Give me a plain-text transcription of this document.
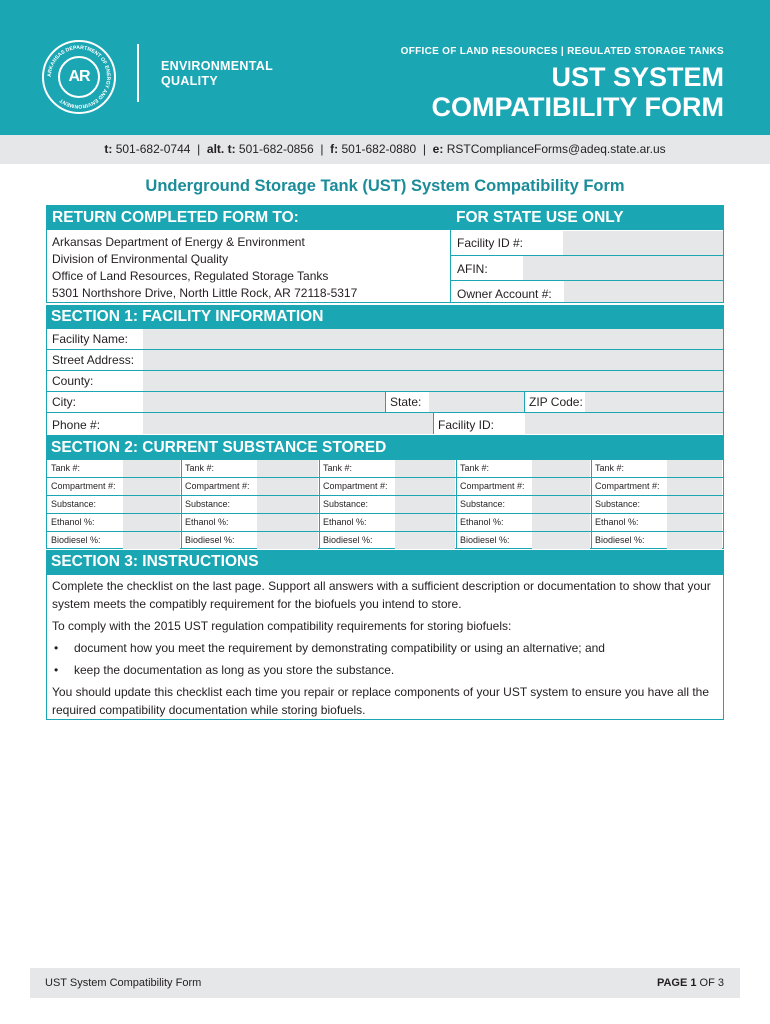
ARKANSAS DEPARTMENT OF ENERGY AND ENVIRONMENT
AR
ENVIRONMENTAL
QUALITY
OFFICE OF LAND RESOURCES | REGULATED STORAGE TANKS
UST SYSTEM
COMPATIBILITY FORM
t: 501-682-0744 | alt. t: 501-682-0856 | f: 501-682-0880 | e: RSTComplianceForms@adeq.state.ar.us
Underground Storage Tank (UST) System Compatibility Form
RETURN COMPLETED FORM TO:	FOR STATE USE ONLY
Arkansas Department of Energy & Environment
Division of Environmental Quality
Office of Land Resources, Regulated Storage Tanks
5301 Northshore Drive, North Little Rock, AR 72118-5317
Facility ID #:
AFIN:
Owner Account #:
SECTION 1: FACILITY INFORMATION
Facility Name:
Street Address:
County:
City:	State:	ZIP Code:
Phone #:	Facility ID:
SECTION 2: CURRENT SUBSTANCE STORED
Tank #:	Tank #:	Tank #:	Tank #:	Tank #:
Compartment #:	Compartment #:	Compartment #:	Compartment #:	Compartment #:
Substance:	Substance:	Substance:	Substance:	Substance:
Ethanol %:	Ethanol %:	Ethanol %:	Ethanol %:	Ethanol %:
Biodiesel %:	Biodiesel %:	Biodiesel %:	Biodiesel %:	Biodiesel %:
SECTION 3: INSTRUCTIONS

Complete the checklist on the last page. Support all answers with a sufficient description or documentation to show that your system meets the compatibly requirement for the biofuels you intend to store.

To comply with the 2015 UST regulation compatibility requirements for storing biofuels:

•	document how you meet the requirement by demonstrating compatibility or using an alternative; and
•	keep the documentation as long as you store the substance.

You should update this checklist each time you repair or replace components of your UST system to ensure you have all the required compatibility documentation while storing biofuels.

UST System Compatibility Form	PAGE 1 OF 3
